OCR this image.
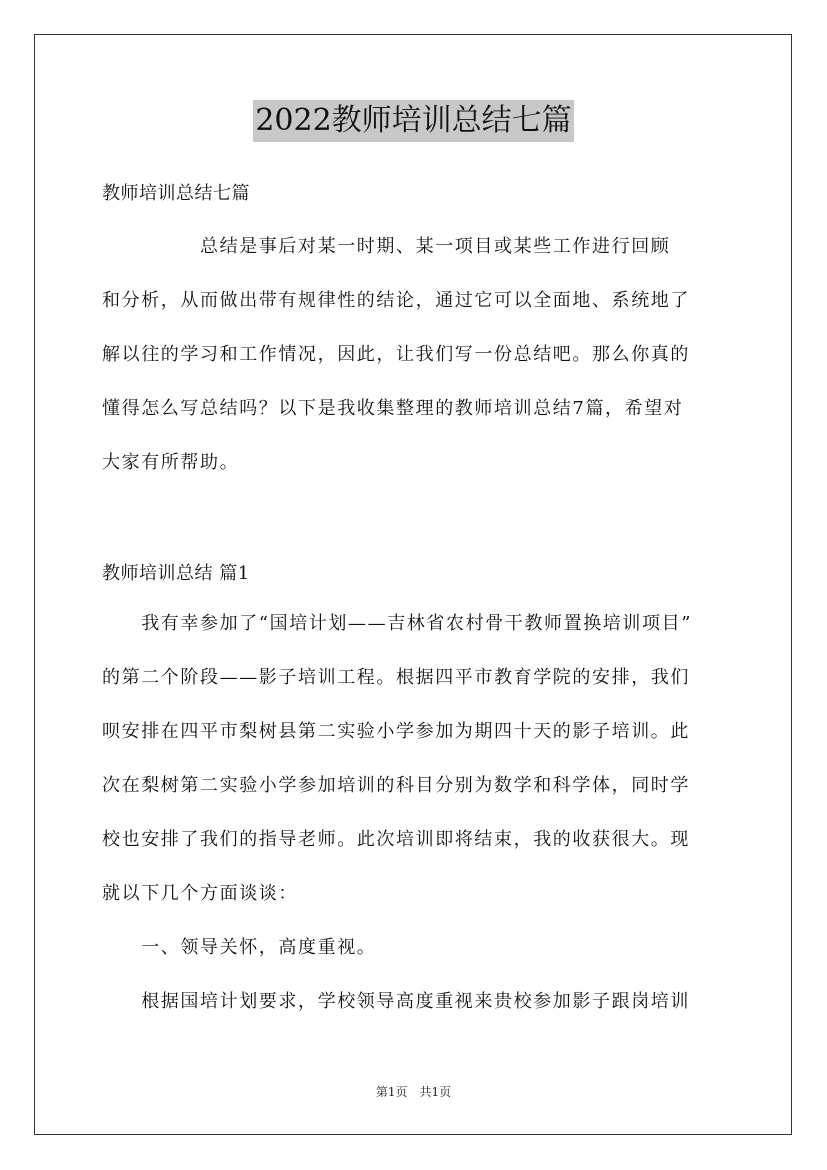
2022教师培训总结七篇
教师培训总结七篇
　　　　　总结是事后对某一时期、某一项目或某些工作进行回顾
和分析，从而做出带有规律性的结论，通过它可以全面地、系统地了
解以往的学习和工作情况，因此，让我们写一份总结吧。那么你真的
懂得怎么写总结吗？以下是我收集整理的教师培训总结7篇，希望对
大家有所帮助。
教师培训总结 篇1
　　我有幸参加了“国培计划——吉林省农村骨干教师置换培训项目”
的第二个阶段——影子培训工程。根据四平市教育学院的安排，我们
呗安排在四平市梨树县第二实验小学参加为期四十天的影子培训。此
次在梨树第二实验小学参加培训的科目分别为数学和科学体，同时学
校也安排了我们的指导老师。此次培训即将结束，我的收获很大。现
就以下几个方面谈谈：
　　一、领导关怀，高度重视。
　　根据国培计划要求，学校领导高度重视来贵校参加影子跟岗培训
第1页　共1页
